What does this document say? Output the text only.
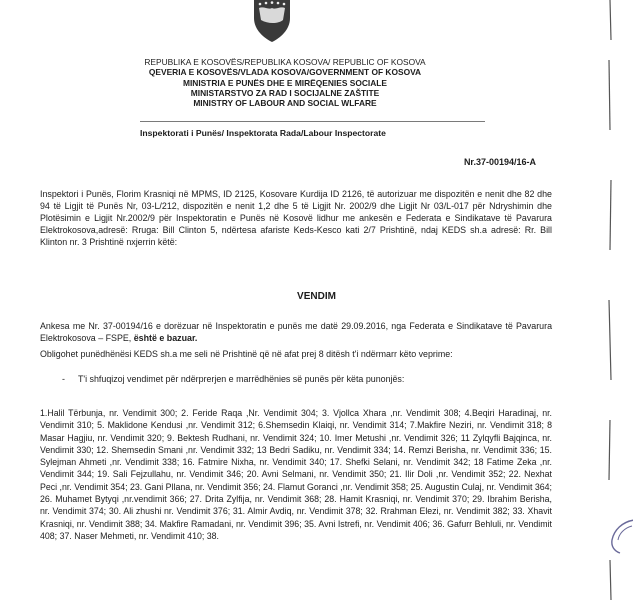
REPUBLIKA E KOSOVËS/REPUBLIKA KOSOVA/ REPUBLIC OF KOSOVA
QEVERIA E KOSOVËS/VLADA KOSOVA/GOVERNMENT OF KOSOVA
MINISTRIA E PUNËS DHE E MIRËQENIES SOCIALE
MINISTARSTVO ZA RAD I SOCIJALNE ZAŠTITE
MINISTRY OF LABOUR AND SOCIAL WLFARE
Inspektorati i Punës/ Inspektorata Rada/Labour Inspectorate
Nr.37-00194/16-A
Inspektori i Punës, Florim Krasniqi në MPMS, ID 2125, Kosovare Kurdija ID 2126, të autorizuar me dispozitën e nenit dhe 82 dhe 94 të Ligjit të Punës Nr, 03-L/212, dispozitën e nenit 1,2 dhe 5 të Ligjit Nr. 2002/9 dhe Ligjit Nr 03/L-017 për Ndryshimin dhe Plotësimin e Ligjit Nr.2002/9 për Inspektoratin e Punës në Kosovë lidhur me ankesën e Federata e Sindikatave të Pavarura Elektrokosova,adresë: Rruga: Bill Clinton 5, ndërtesa afariste Keds-Kesco kati 2/7 Prishtinë, ndaj KEDS sh.a adresë: Rr. Bill Klinton nr. 3 Prishtinë nxjerrin këtë:
VENDIM
Ankesa me Nr. 37-00194/16 e dorëzuar në Inspektoratin e punës me datë 29.09.2016, nga Federata e Sindikatave të Pavarura Elektrokosova – FSPE, është e bazuar.
Obligohet punëdhënësi KEDS sh.a me seli në Prishtinë që në afat prej 8 ditësh t'i ndërmarr këto veprime:
- T'i shfuqizoj vendimet për ndërprerjen e marrëdhënies së punës për këta punonjës:
1.Halil Tërbunja, nr. Vendimit 300; 2. Feride Raqa ,Nr. Vendimit 304; 3. Vjollca Xhara ,nr. Vendimit 308; 4.Beqiri Haradinaj, nr. Vendimit 310; 5. Maklidone Kendusi ,nr. Vendimit 312; 6.Shemsedin Klaiqi, nr. Vendimit 314; 7.Makfire Neziri, nr. Vendimit 318; 8 Masar Hagjiu, nr. Vendimit 320; 9. Bektesh Rudhani, nr. Vendimit 324; 10. Imer Metushi ,nr. Vendimit 326; 11 Zylqyfli Bajqinca, nr. Vendimit 330; 12. Shemsedin Smani ,nr. Vendimit 332; 13 Bedri Sadiku, nr. Vendimit 334; 14. Remzi Berisha, nr. Vendimit 336; 15. Sylejman Ahmeti ,nr. Vendimit 338; 16. Fatmire Nixha, nr. Vendimit 340; 17. Shefki Selani, nr. Vendimit 342; 18 Fatime Zeka ,nr. Vendimit 344; 19. Sali Fejzullahu, nr. Vendimit 346; 20. Avni Selmani, nr. Vendimit 350; 21. Ilir Doli ,nr. Vendimit 352; 22. Nexhat Peci ,nr. Vendimit 354; 23. Gani Pllana, nr. Vendimit 356; 24. Flamut Goranci ,nr. Vendimit 358; 25. Augustin Culaj, nr. Vendimit 364; 26. Muhamet Bytyqi ,nr.vendimit 366; 27. Drita Zylfija, nr. Vendimit 368; 28. Hamit Krasniqi, nr. Vendimit 370; 29. Ibrahim Berisha, nr. Vendimit 374; 30. Ali zhushi nr. Vendimit 376; 31. Almir Avdiq, nr. Vendimit 378; 32. Rrahman Elezi, nr. Vendimit 382; 33. Xhavit Krasniqi, nr. Vendimit 388; 34. Makfire Ramadani, nr. Vendimit 396; 35. Avni Istrefi, nr. Vendimit 406; 36. Gafurr Behluli, nr. Vendimit 408; 37. Naser Mehmeti, nr. Vendimit 410; 38.
